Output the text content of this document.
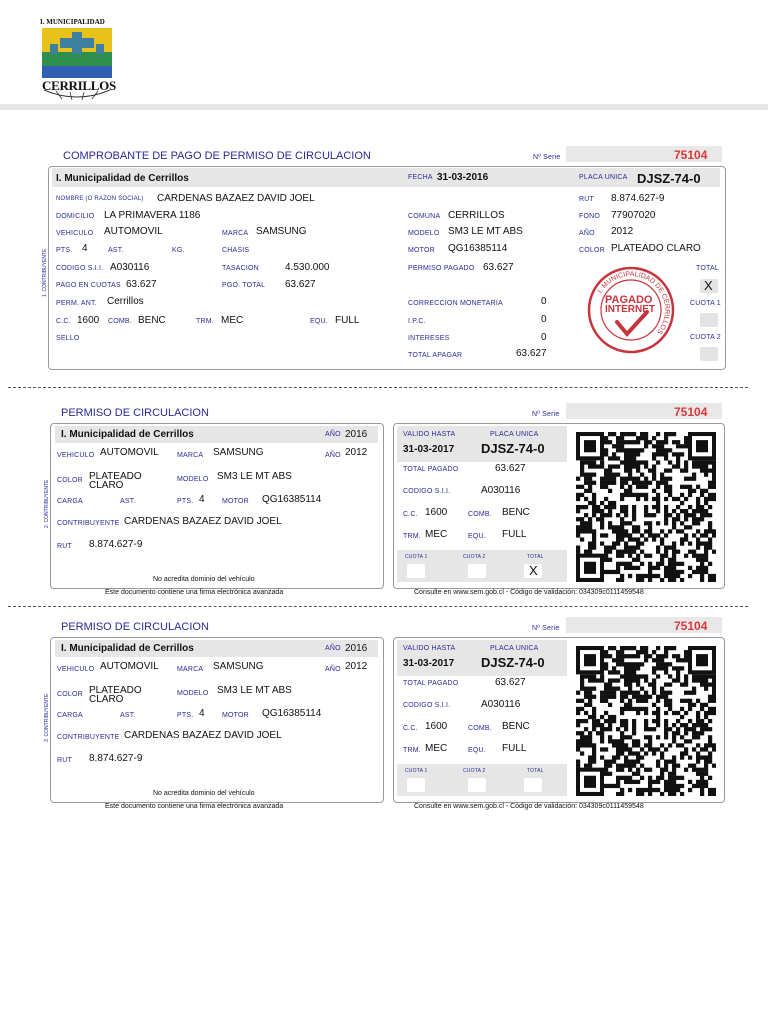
I. MUNICIPALIDAD
CERRILLOS
COMPROBANTE DE PAGO DE PERMISO DE CIRCULACION	Nº Serie	75104
I. Municipalidad de Cerrillos	FECHA 31-03-2016	PLACA UNICA DJSZ-74-0
1. CONTRIBUYENTE
NOMBRE (O RAZON SOCIAL) CARDENAS BAZAEZ DAVID JOEL	RUT 8.874.627-9
DOMICILIO LA PRIMAVERA 1186	COMUNA CERRILLOS	FONO 77907020
VEHICULO AUTOMOVIL	MARCA SAMSUNG	MODELO SM3 LE MT ABS	AÑO 2012
PTS. 4	AST.	KG.	CHASIS	MOTOR QG16385114	COLOR PLATEADO CLARO
CODIGO S.I.I. A030116	TASACION	4.530.000	PERMISO PAGADO 63.627	TOTAL
X
PAGO EN CUOTAS 63.627	PGO. TOTAL 63.627
PERM. ANT. Cerrillos	CORRECCION MONETARIA	0	CUOTA 1
C.C. 1600 COMB. BENC	TRM. MEC	EQU. FULL	I.P.C.	0
SELLO	INTERESES	0	CUOTA 2
TOTAL APAGAR	63.627
I. MUNICIPALIDAD DE CERRILLOS
PAGADO
INTERNET
PERMISO DE CIRCULACION	Nº Serie	75104
I. Municipalidad de Cerrillos	AÑO 2016
2. CONTRIBUYENTE
VEHICULO AUTOMOVIL	MARCA SAMSUNG	AÑO 2012
COLOR PLATEADO
CLARO
MODELO SM3 LE MT ABS
CARGA	AST.	PTS. 4 MOTOR QG16385114
CONTRIBUYENTE CARDENAS BAZAEZ DAVID JOEL
RUT 8.874.627-9
No acredita dominio del vehículo
Este documento contiene una firma electrónica avanzada
VALIDO HASTA
31-03-2017
PLACA UNICA
DJSZ-74-0
TOTAL PAGADO	63.627
CODIGO S.I.I.	A030116
C.C. 1600	COMB. BENC
TRM. MEC	EQU. FULL
CUOTA 1	CUOTA 2	TOTAL
X
Consulte en www.sem.gob.cl - Código de validación: 034309c0111459548
PERMISO DE CIRCULACION	Nº Serie	75104
I. Municipalidad de Cerrillos	AÑO 2016
3. CONTRIBUYENTE
VEHICULO AUTOMOVIL	MARCA SAMSUNG	AÑO 2012
COLOR PLATEADO
CLARO
MODELO SM3 LE MT ABS
CARGA	AST.	PTS. 4 MOTOR QG16385114
CONTRIBUYENTE CARDENAS BAZAEZ DAVID JOEL
RUT 8.874.627-9
No acredita dominio del vehículo
Este documento contiene una firma electrónica avanzada
VALIDO HASTA
31-03-2017
PLACA UNICA
DJSZ-74-0
TOTAL PAGADO	63.627
CODIGO S.I.I.	A030116
C.C. 1600	COMB. BENC
TRM. MEC	EQU. FULL
CUOTA 1	CUOTA 2	TOTAL
Consulte en www.sem.gob.cl - Código de validación: 034309c0111459548
